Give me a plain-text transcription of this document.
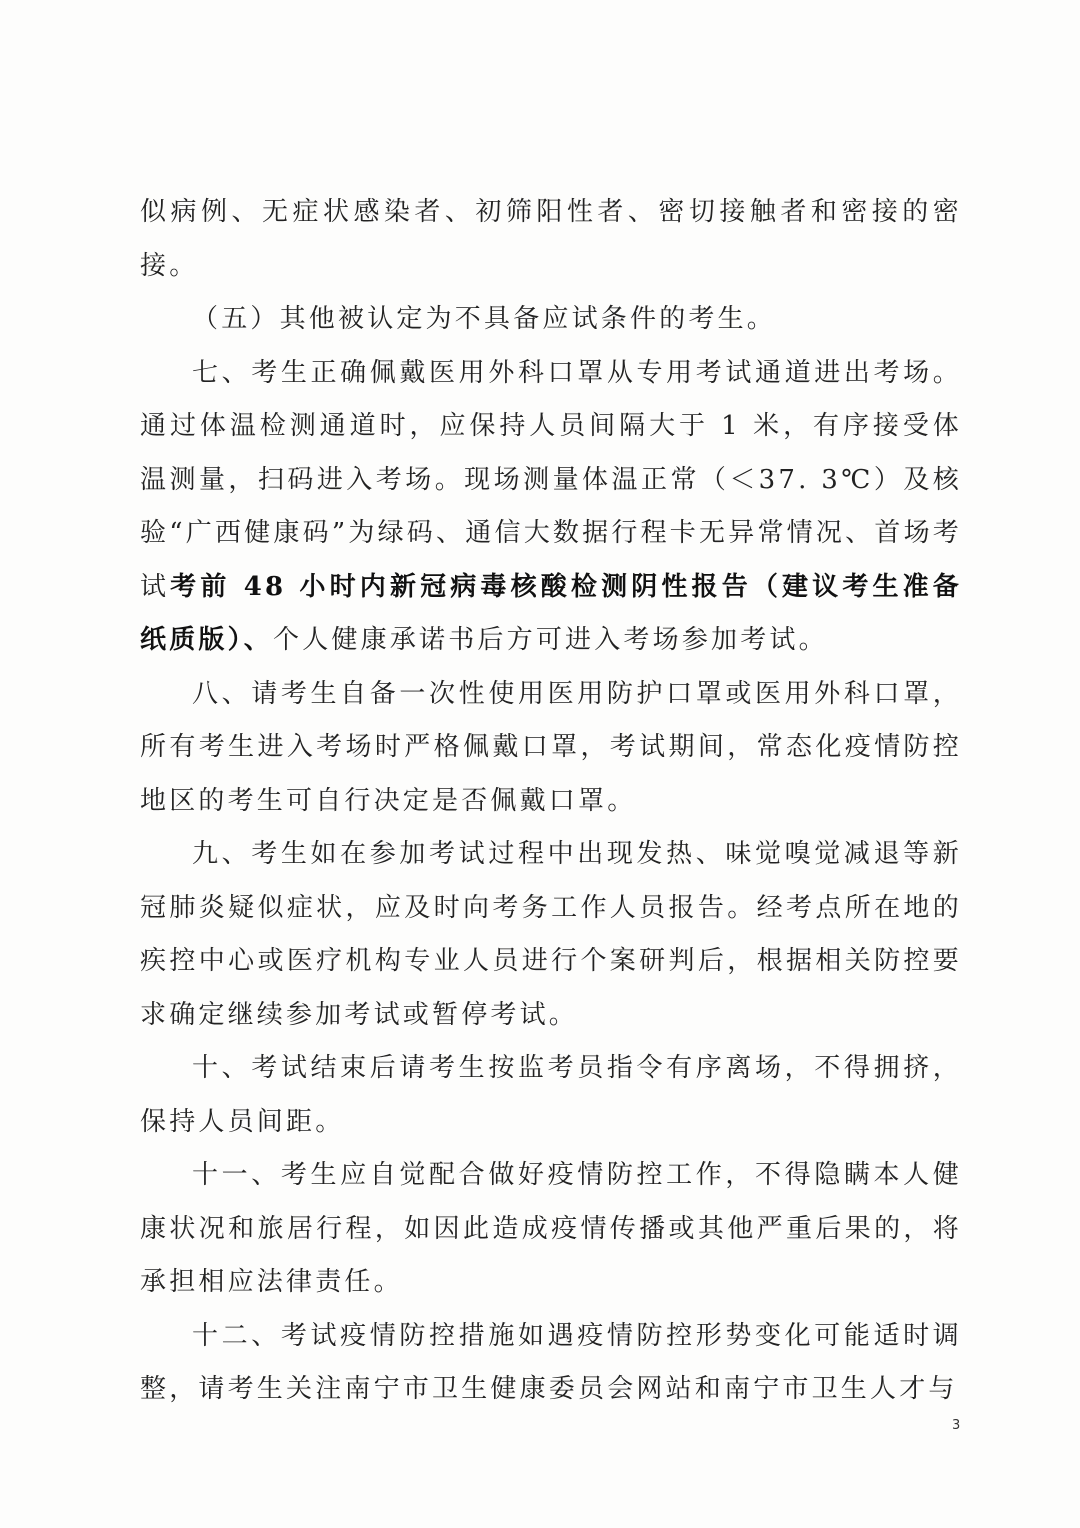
似病例、无症状感染者、初筛阳性者、密切接触者和密接的密接。

（五）其他被认定为不具备应试条件的考生。

七、考生正确佩戴医用外科口罩从专用考试通道进出考场。通过体温检测通道时，应保持人员间隔大于 1 米，有序接受体温测量，扫码进入考场。现场测量体温正常（＜37. 3℃）及核验“广西健康码”为绿码、通信大数据行程卡无异常情况、首场考试考前 48 小时内新冠病毒核酸检测阴性报告（建议考生准备纸质版）、个人健康承诺书后方可进入考场参加考试。

八、请考生自备一次性使用医用防护口罩或医用外科口罩，所有考生进入考场时严格佩戴口罩，考试期间，常态化疫情防控地区的考生可自行决定是否佩戴口罩。

九、考生如在参加考试过程中出现发热、味觉嗅觉减退等新冠肺炎疑似症状，应及时向考务工作人员报告。经考点所在地的疾控中心或医疗机构专业人员进行个案研判后，根据相关防控要求确定继续参加考试或暂停考试。

十、考试结束后请考生按监考员指令有序离场，不得拥挤，保持人员间距。

十一、考生应自觉配合做好疫情防控工作，不得隐瞒本人健康状况和旅居行程，如因此造成疫情传播或其他严重后果的，将承担相应法律责任。

十二、考试疫情防控措施如遇疫情防控形势变化可能适时调整，请考生关注南宁市卫生健康委员会网站和南宁市卫生人才与

3
